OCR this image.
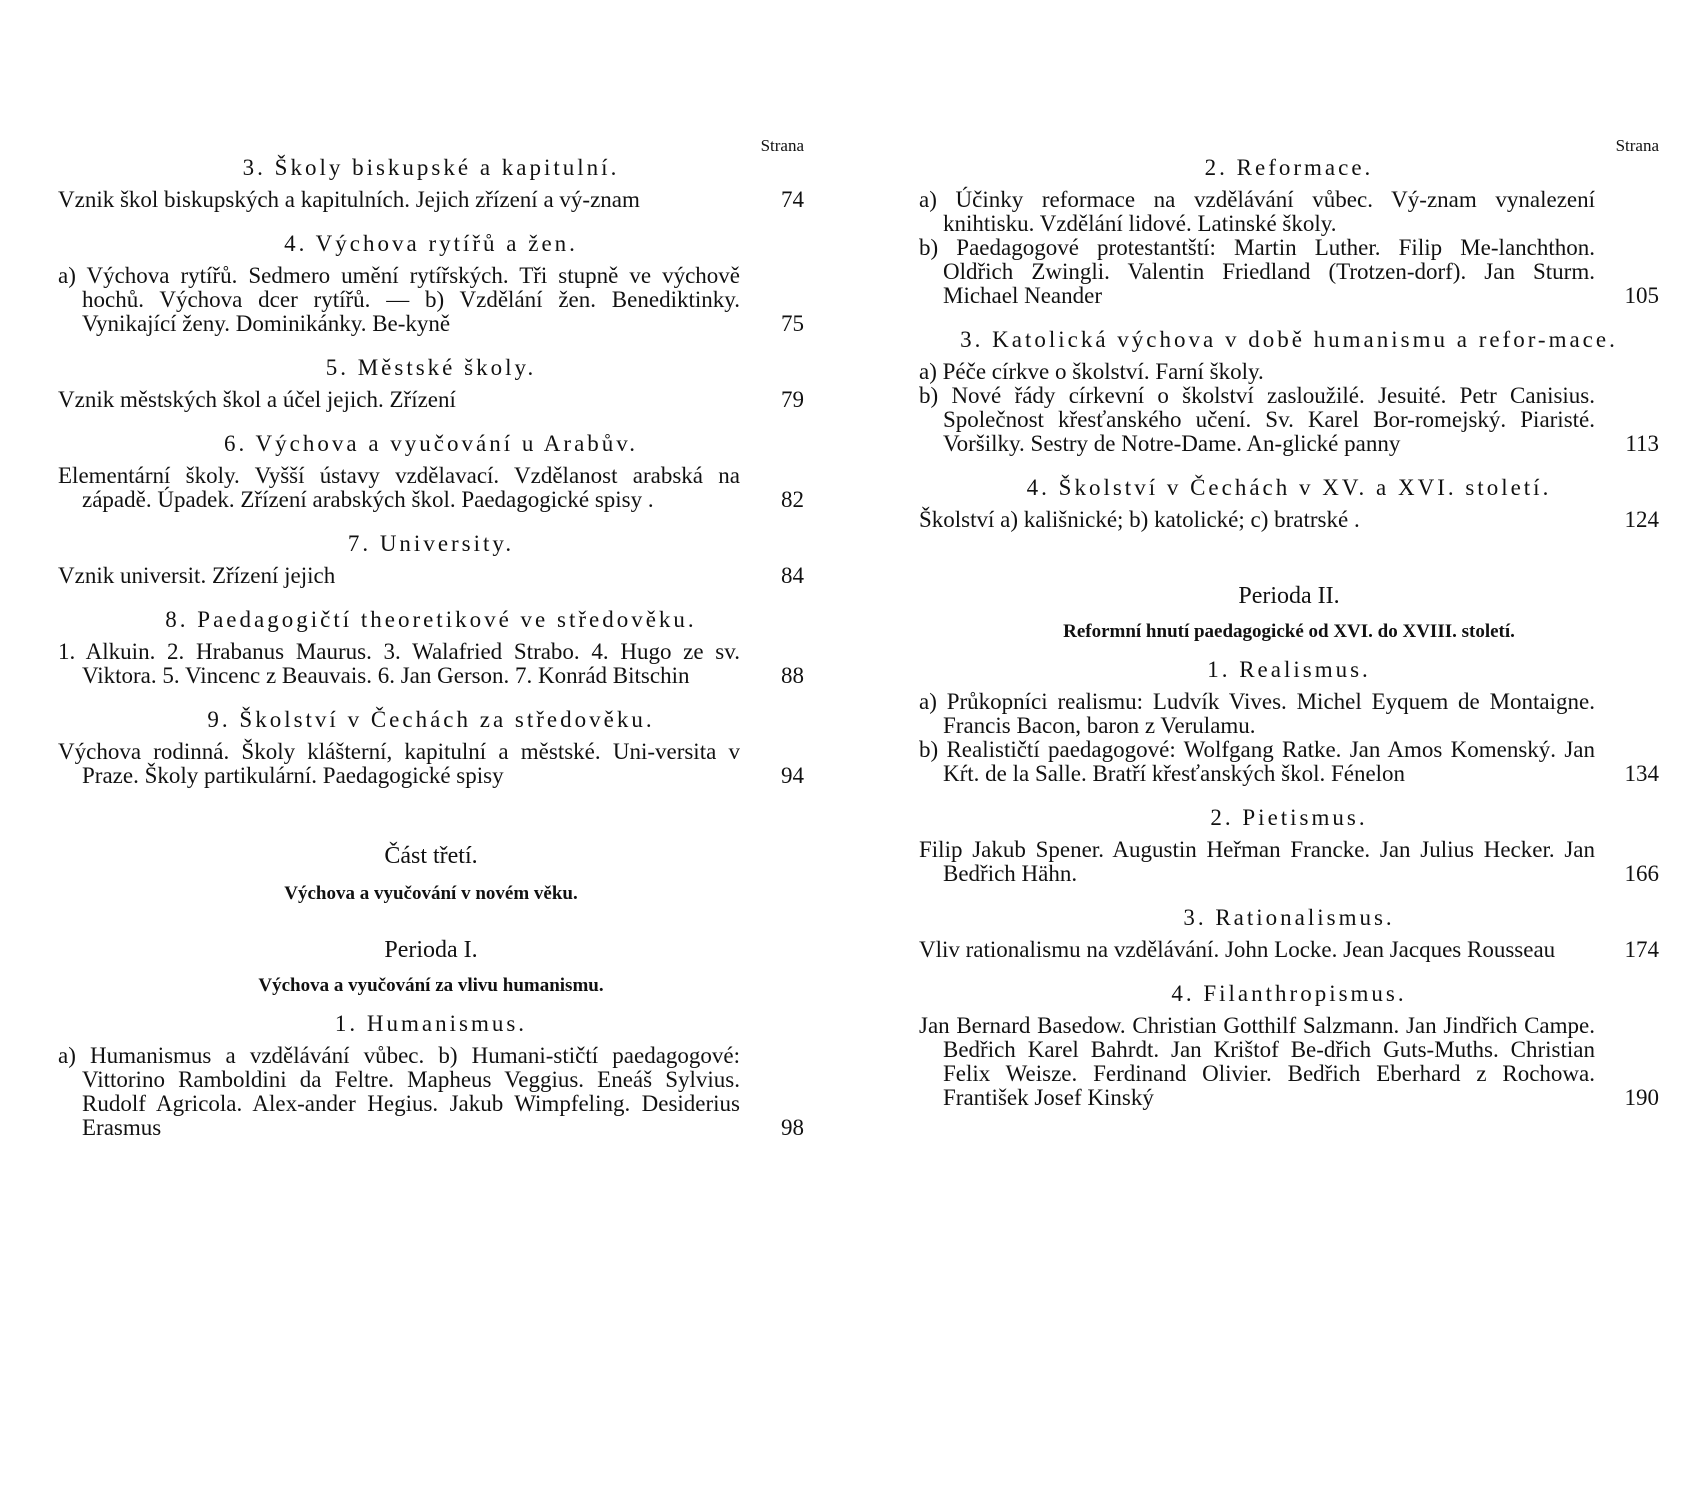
Strana
3. Školy biskupské a kapitulní.
Vznik škol biskupských a kapitulních. Jejich zřízení a vý-znam	74
4. Výchova rytířů a žen.
a) Výchova rytířů. Sedmero umění rytířských. Tři stupně ve výchově hochů. Výchova dcer rytířů. — b) Vzdělání žen. Benediktinky. Vynikající ženy. Dominikánky. Be-kyně	75
5. Městské školy.
Vznik městských škol a účel jejich. Zřízení	79
6. Výchova a vyučování u Arabův.
Elementární školy. Vyšší ústavy vzdělavací. Vzdělanost arabská na západě. Úpadek. Zřízení arabských škol. Paedagogické spisy .	82
7. University.
Vznik universit. Zřízení jejich	84
8. Paedagogičtí theoretikové ve středověku.
1. Alkuin. 2. Hrabanus Maurus. 3. Walafried Strabo. 4. Hugo ze sv. Viktora. 5. Vincenc z Beauvais. 6. Jan Gerson. 7. Konrád Bitschin	88
9. Školství v Čechách za středověku.
Výchova rodinná. Školy klášterní, kapitulní a městské. Uni-versita v Praze. Školy partikulární. Paedagogické spisy	94
Část třetí.
Výchova a vyučování v novém věku.
Perioda I.
Výchova a vyučování za vlivu humanismu.
1. Humanismus.
a) Humanismus a vzdělávání vůbec. b) Humani-stičtí paedagogové: Vittorino Ramboldini da Feltre. Mapheus Veggius. Eneáš Sylvius. Rudolf Agricola. Alex-ander Hegius. Jakub Wimpfeling. Desiderius Erasmus	98
Strana
2. Reformace.
a) Účinky reformace na vzdělávání vůbec. Vý-znam vynalezení knihtisku. Vzdělání lidové. Latinské školy.
b) Paedagogové protestantští: Martin Luther. Filip Me-lanchthon. Oldřich Zwingli. Valentin Friedland (Trotzen-dorf). Jan Sturm. Michael Neander	105
3. Katolická výchova v době humanismu a refor-mace.
a) Péče církve o školství. Farní školy.
b) Nové řády církevní o školství zasloužilé. Jesuité. Petr Canisius. Společnost křesťanského učení. Sv. Karel Bor-romejský. Piaristé. Voršilky. Sestry de Notre-Dame. An-glické panny	113
4. Školství v Čechách v XV. a XVI. století.
Školství a) kališnické; b) katolické; c) bratrské .	124
Perioda II.
Reformní hnutí paedagogické od XVI. do XVIII. století.
1. Realismus.
a) Průkopníci realismu: Ludvík Vives. Michel Eyquem de Montaigne. Francis Bacon, baron z Verulamu.
b) Realističtí paedagogové: Wolfgang Ratke. Jan Amos Komenský. Jan Kŕt. de la Salle. Bratří křesťanských škol. Fénelon	134
2. Pietismus.
Filip Jakub Spener. Augustin Heřman Francke. Jan Julius Hecker. Jan Bedřich Hähn.	166
3. Rationalismus.
Vliv rationalismu na vzdělávání. John Locke. Jean Jacques Rousseau	174
4. Filanthropismus.
Jan Bernard Basedow. Christian Gotthilf Salzmann. Jan Jindřich Campe. Bedřich Karel Bahrdt. Jan Krištof Be-dřich Guts-Muths. Christian Felix Weisze. Ferdinand Olivier. Bedřich Eberhard z Rochowa. František Josef Kinský	190
